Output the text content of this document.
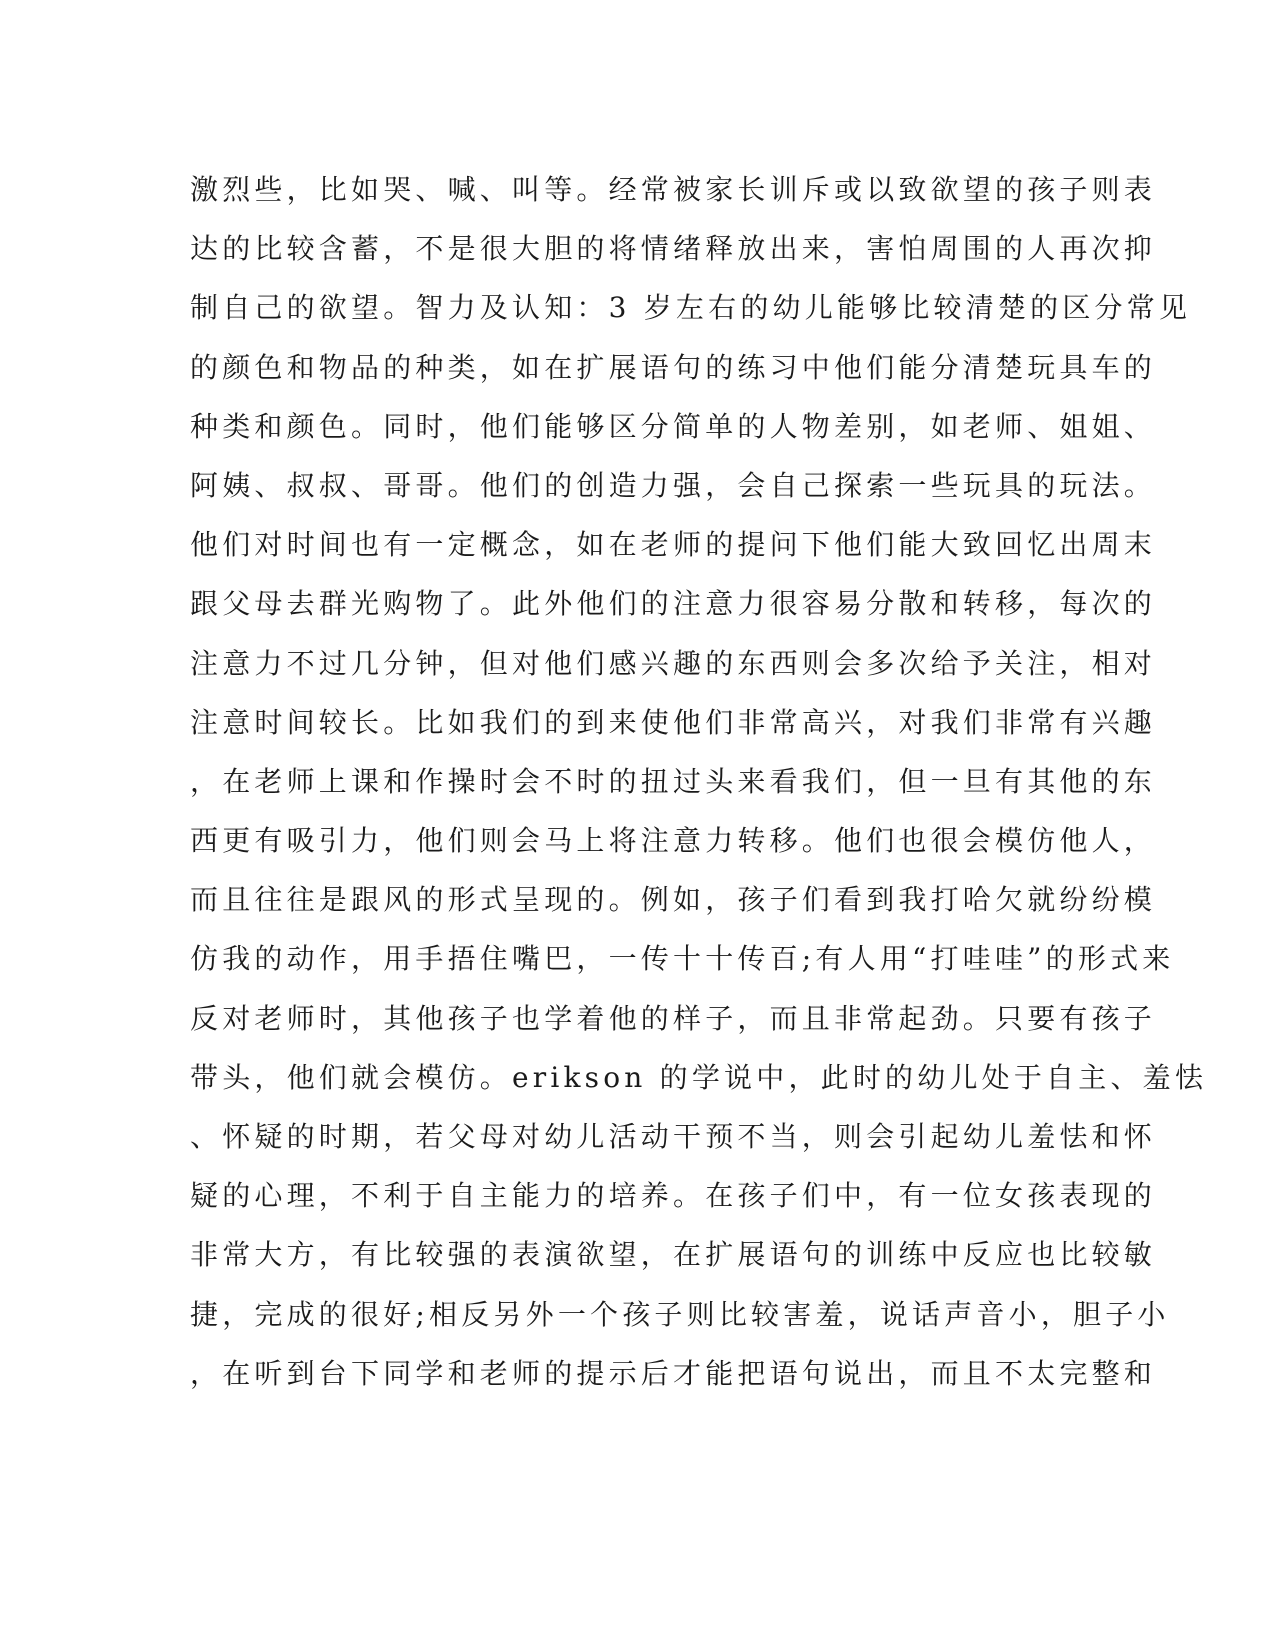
激烈些，比如哭、喊、叫等。经常被家长训斥或以致欲望的孩子则表
达的比较含蓄，不是很大胆的将情绪释放出来，害怕周围的人再次抑
制自己的欲望。智力及认知：3 岁左右的幼儿能够比较清楚的区分常见
的颜色和物品的种类，如在扩展语句的练习中他们能分清楚玩具车的
种类和颜色。同时，他们能够区分简单的人物差别，如老师、姐姐、
阿姨、叔叔、哥哥。他们的创造力强，会自己探索一些玩具的玩法。
他们对时间也有一定概念，如在老师的提问下他们能大致回忆出周末
跟父母去群光购物了。此外他们的注意力很容易分散和转移，每次的
注意力不过几分钟，但对他们感兴趣的东西则会多次给予关注，相对
注意时间较长。比如我们的到来使他们非常高兴，对我们非常有兴趣
，在老师上课和作操时会不时的扭过头来看我们，但一旦有其他的东
西更有吸引力，他们则会马上将注意力转移。他们也很会模仿他人，
而且往往是跟风的形式呈现的。例如，孩子们看到我打哈欠就纷纷模
仿我的动作，用手捂住嘴巴，一传十十传百;有人用“打哇哇”的形式来
反对老师时，其他孩子也学着他的样子，而且非常起劲。只要有孩子
带头，他们就会模仿。erikson 的学说中，此时的幼儿处于自主、羞怯
、怀疑的时期，若父母对幼儿活动干预不当，则会引起幼儿羞怯和怀
疑的心理，不利于自主能力的培养。在孩子们中，有一位女孩表现的
非常大方，有比较强的表演欲望，在扩展语句的训练中反应也比较敏
捷，完成的很好;相反另外一个孩子则比较害羞，说话声音小，胆子小
，在听到台下同学和老师的提示后才能把语句说出，而且不太完整和
